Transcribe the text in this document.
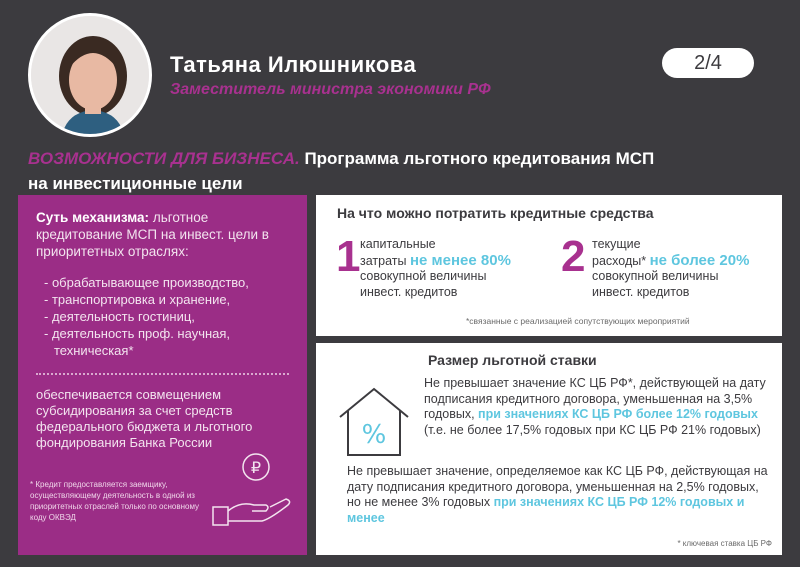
Татьяна Илюшникова
Заместитель министра экономики РФ
2/4
ВОЗМОЖНОСТИ ДЛЯ БИЗНЕСА. Программа льготного кредитования МСП
на инвестиционные цели
Суть механизма: льготное кредитование МСП на инвест. цели в приоритетных отраслях:
- обрабатывающее производство,
- транспортировка и хранение,
- деятельность гостиниц,
- деятельность проф. научная,
техническая*
обеспечивается совмещением субсидирования за счет средств федерального бюджета и льготного фондирования Банка России
* Кредит предоставляется заемщику, осуществляющему деятельность в одной из приоритетных отраслей только по основному коду ОКВЭД
₽
На что можно потратить кредитные средства
1 капитальные
затраты не менее 80%
совокупной величины
инвест. кредитов
2 текущие
расходы* не более 20%
совокупной величины
инвест. кредитов
*связанные с реализацией сопутствующих мероприятий
Размер льготной ставки
%
Не превышает значение КС ЦБ РФ*, действующей на дату подписания кредитного договора, уменьшенная на 3,5% годовых, при значениях КС ЦБ РФ более 12% годовых (т.е. не более 17,5% годовых при КС ЦБ РФ 21% годовых)
Не превышает значение, определяемое как КС ЦБ РФ, действующая на дату подписания кредитного договора, уменьшенная на 2,5% годовых, но не менее 3% годовых при значениях КС ЦБ РФ 12% годовых и менее
* ключевая ставка ЦБ РФ
